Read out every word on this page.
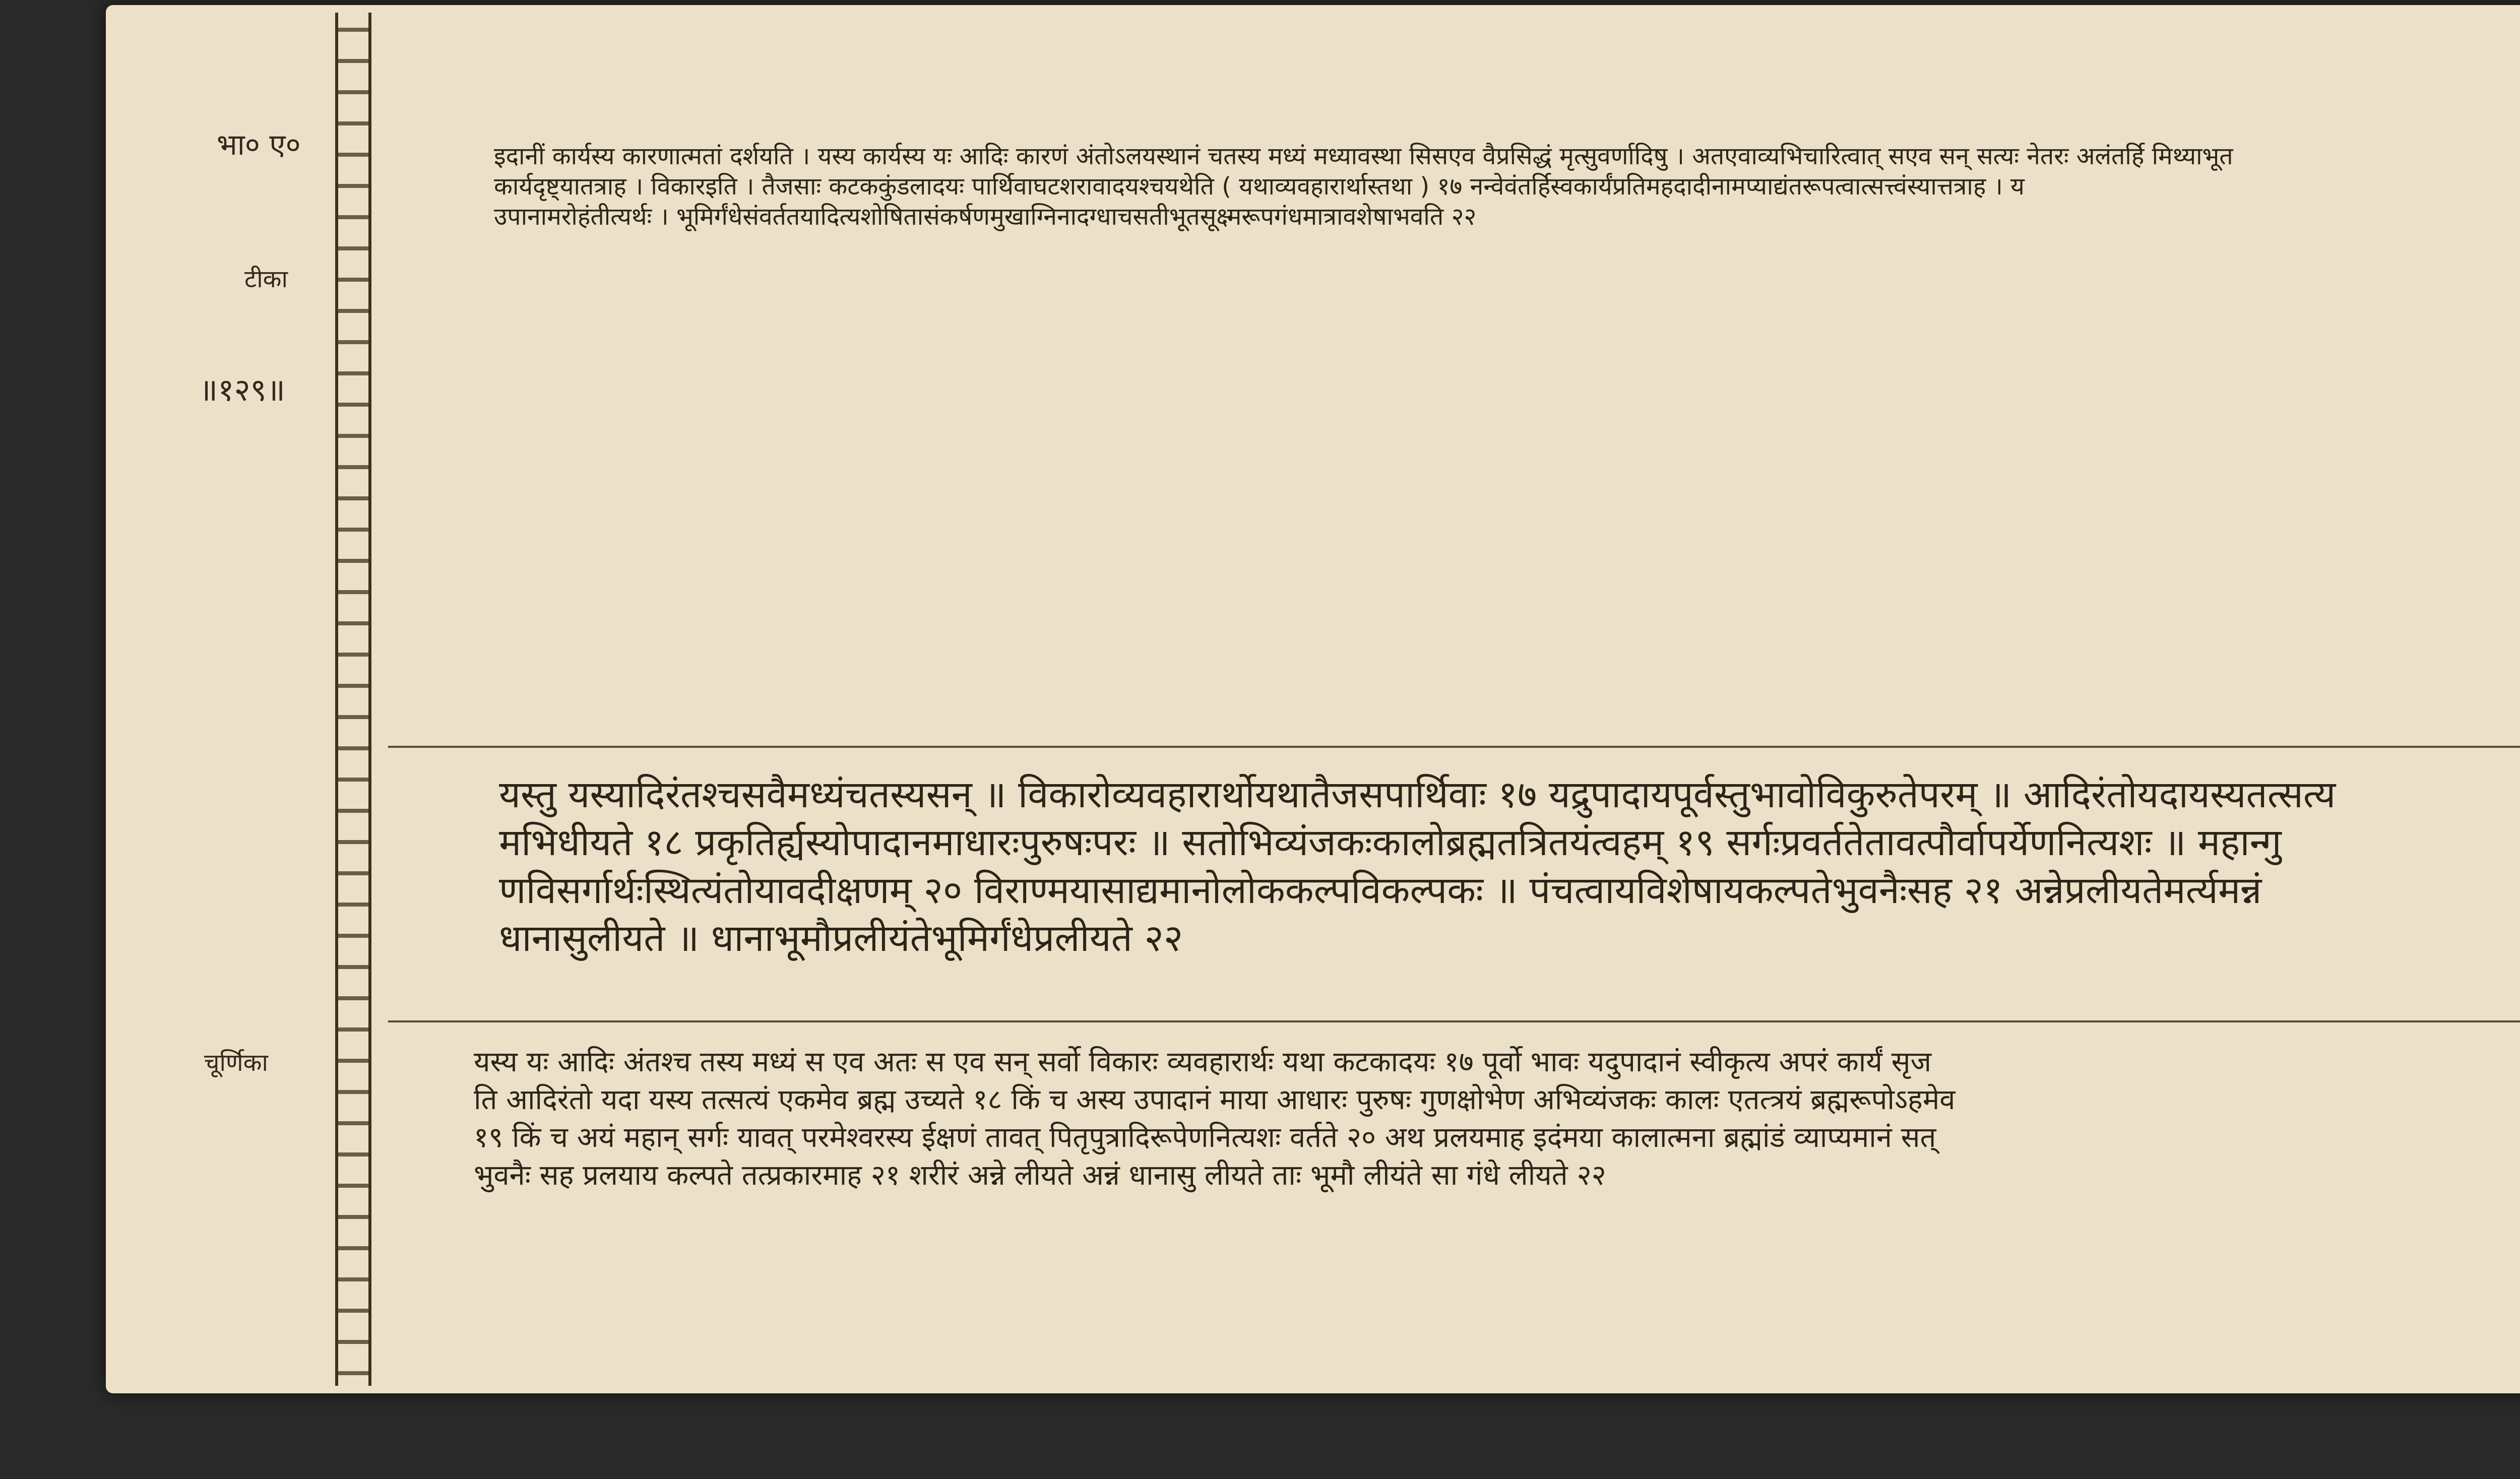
भा० ए०
टीका
॥१२९॥
चूर्णिका
इदानीं कार्यस्य कारणात्मतां दर्शयति । यस्य कार्यस्य यः आदिः कारणं अंतोऽलयस्थानं चतस्य मध्यं मध्यावस्था सिसएव वैप्रसिद्धं मृत्सुवर्णादिषु । अतएवाव्यभिचारित्वात् सएव सन् सत्यः नेतरः अलंतर्हि मिथ्याभूत
कार्यदृष्ट्यातत्राह । विकारइति । तैजसाः कटककुंडलादयः पार्थिवाघटशरावादयश्चयथेति ( यथाव्यवहारार्थास्तथा ) १७ नन्वेवंतर्हिस्वकार्यंप्रतिमहदादीनामप्याद्यंतरूपत्वात्सत्त्वंस्यात्तत्राह । य
उपानामरोहंतीत्यर्थः । भूमिर्गंधेसंवर्ततयादित्यशोषितासंकर्षणमुखाग्निनादग्धाचसतीभूतसूक्ष्मरूपगंधमात्रावशेषाभवति २२
यस्तु यस्यादिरंतश्चसवैमध्यंचतस्यसन् ॥ विकारोव्यवहारार्थोयथातैजसपार्थिवाः १७ यद्रुपादायपूर्वस्तुभावोविकुरुतेपरम् ॥ आदिरंतोयदायस्यतत्सत्य
मभिधीयते १८ प्रकृतिर्ह्यस्योपादानमाधारःपुरुषःपरः ॥ सतोभिव्यंजकःकालोब्रह्मतत्रितयंत्वहम् १९ सर्गःप्रवर्ततेतावत्पौर्वापर्येणनित्यशः ॥ महान्गु
णविसर्गार्थःस्थित्यंतोयावदीक्षणम् २० विराण्मयासाद्यमानोलोककल्पविकल्पकः ॥ पंचत्वायविशेषायकल्पतेभुवनैःसह २१ अन्नेप्रलीयतेमर्त्यमन्नं
धानासुलीयते ॥ धानाभूमौप्रलीयंतेभूमिर्गंधेप्रलीयते २२
यस्य यः आदिः अंतश्च तस्य मध्यं स एव अतः स एव सन् सर्वो विकारः व्यवहारार्थः यथा कटकादयः १७ पूर्वो भावः यदुपादानं स्वीकृत्य अपरं कार्यं सृज
ति आदिरंतो यदा यस्य तत्सत्यं एकमेव ब्रह्म उच्यते १८ किं च अस्य उपादानं माया आधारः पुरुषः गुणक्षोभेण अभिव्यंजकः कालः एतत्त्रयं ब्रह्मरूपोऽहमेव
१९ किं च अयं महान् सर्गः यावत् परमेश्वरस्य ईक्षणं तावत् पितृपुत्रादिरूपेणनित्यशः वर्तते २० अथ प्रलयमाह इदंमया कालात्मना ब्रह्मांडं व्याप्यमानं सत्
भुवनैः सह प्रलयाय कल्पते तत्प्रकारमाह २१ शरीरं अन्ने लीयते अन्नं धानासु लीयते ताः भूमौ लीयंते सा गंधे लीयते २२
